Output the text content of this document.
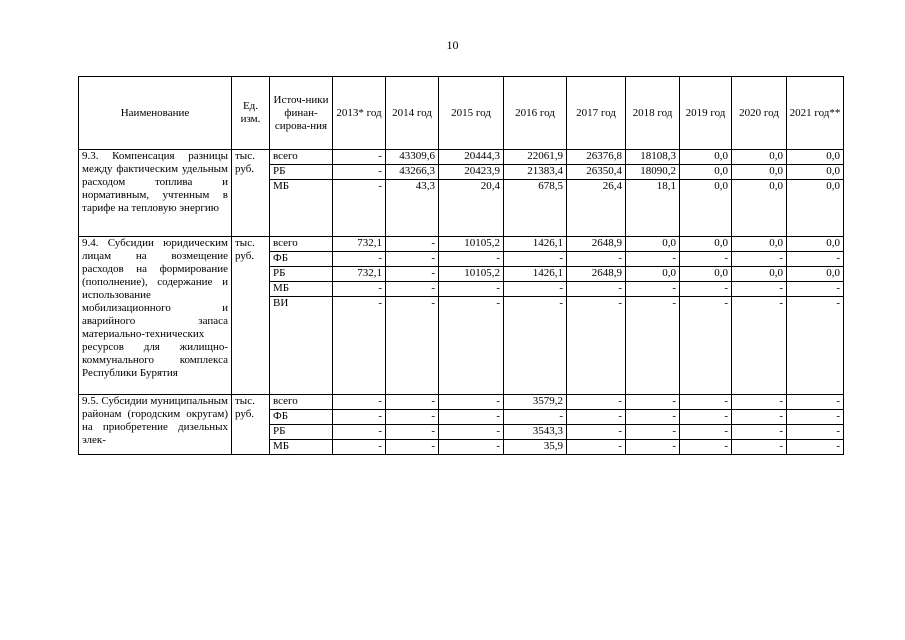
10
Наименование	Ед. изм.	Источ-ники финан-сирова-ния	2013* год	2014 год	2015 год	2016 год	2017 год	2018 год	2019 год	2020 год	2021 год**
9.3. Компенсация разницы между фактическим удельным расходом топлива и нормативным, учтенным в тарифе на тепловую энергию	тыс. руб.	всего	-	43309,6	20444,3	22061,9	26376,8	18108,3	0,0	0,0	0,0
		РБ	-	43266,3	20423,9	21383,4	26350,4	18090,2	0,0	0,0	0,0
		МБ	-	43,3	20,4	678,5	26,4	18,1	0,0	0,0	0,0
9.4. Субсидии юридическим лицам на возмещение расходов на формирование (пополнение), содержание и использование мобилизационного и аварийного запаса материально-технических ресурсов для жилищно-коммунального комплекса Республики Бурятия	тыс. руб.	всего	732,1	-	10105,2	1426,1	2648,9	0,0	0,0	0,0	0,0
		ФБ	-	-	-	-	-	-	-	-	-
		РБ	732,1	-	10105,2	1426,1	2648,9	0,0	0,0	0,0	0,0
		МБ	-	-	-	-	-	-	-	-	-
		ВИ	-	-	-	-	-	-	-	-	-
9.5. Субсидии муниципальным районам (городским округам) на приобретение дизельных элек-	тыс. руб.	всего	-	-	-	3579,2	-	-	-	-	-
		ФБ	-	-	-	-	-	-	-	-	-
		РБ	-	-	-	3543,3	-	-	-	-	-
		МБ	-	-	-	35,9	-	-	-	-	-
